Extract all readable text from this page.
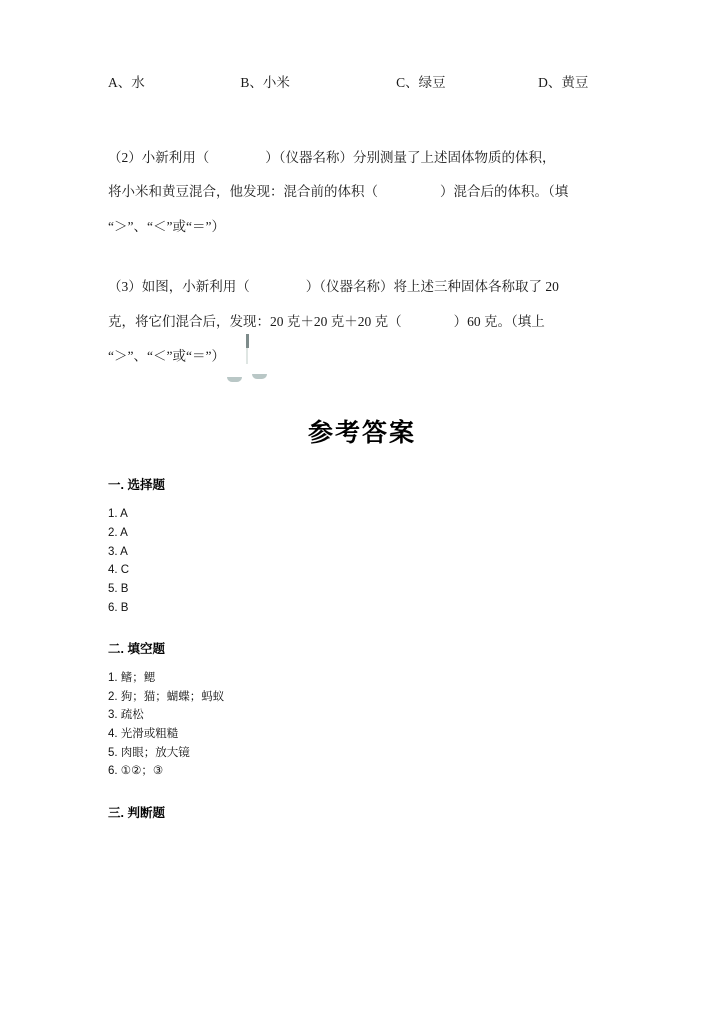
A、水	B、小米	C、绿豆	D、黄豆

（2）小新利用（	）（仪器名称）分别测量了上述固体物质的体积，

将小米和黄豆混合，他发现：混合前的体积（	）混合后的体积。（填

“＞”、“＜”或“＝”）

（3）如图，小新利用（	）（仪器名称）将上述三种固体各称取了 20

克，将它们混合后，发现：20 克＋20 克＋20 克（	）60 克。（填上

“＞”、“＜”或“＝”）

参考答案
一. 选择题
1. A
2. A
3. A
4. C
5. B
6. B
二. 填空题
1. 鳍；鳃
2. 狗；猫；蝴蝶；蚂蚁
3. 疏松
4. 光滑或粗糙
5. 肉眼；放大镜
6. ①②；③
三. 判断题
